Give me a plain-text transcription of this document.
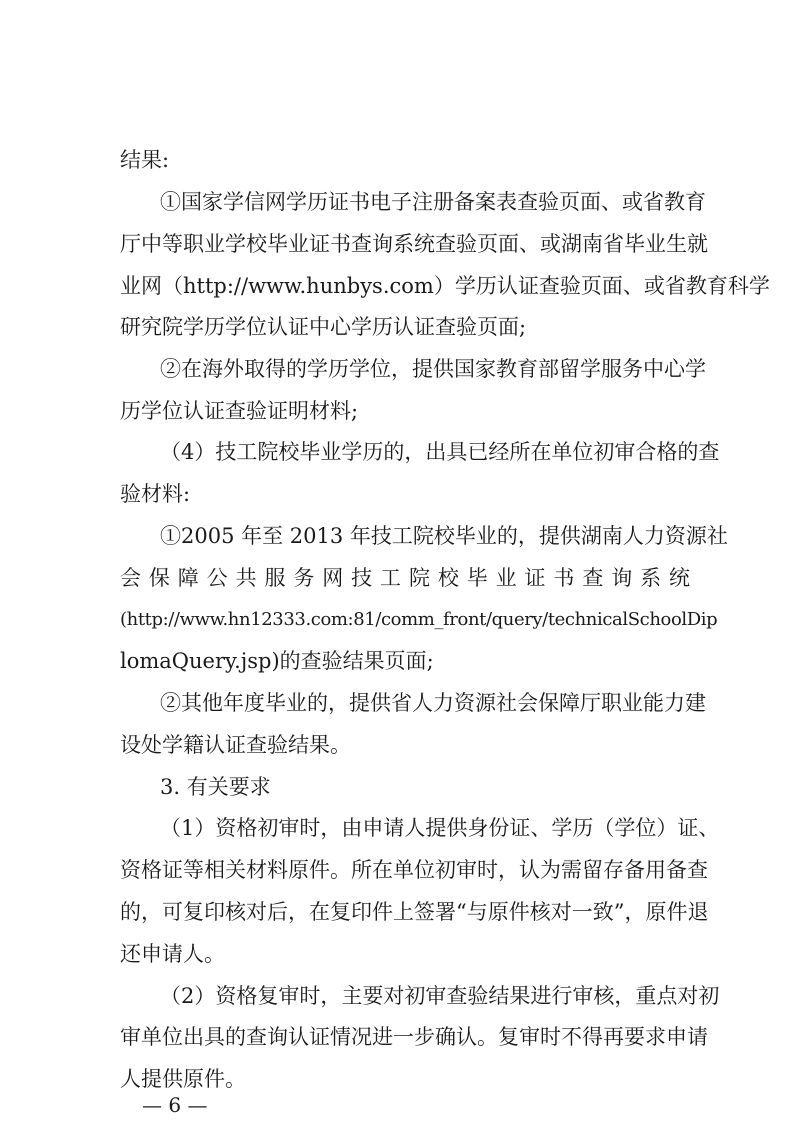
结果:
①国家学信网学历证书电子注册备案表查验页面、或省教育
厅中等职业学校毕业证书查询系统查验页面、或湖南省毕业生就
业网（http://www.hunbys.com）学历认证查验页面、或省教育科学
研究院学历学位认证中心学历认证查验页面;
②在海外取得的学历学位，提供国家教育部留学服务中心学
历学位认证查验证明材料;
（4）技工院校毕业学历的，出具已经所在单位初审合格的查
验材料:
①2005 年至 2013 年技工院校毕业的，提供湖南人力资源社
会保障公共服务网技工院校毕业证书查询系统
(http://www.hn12333.com:81/comm_front/query/technicalSchoolDip
lomaQuery.jsp)的查验结果页面;
②其他年度毕业的，提供省人力资源社会保障厅职业能力建
设处学籍认证查验结果。
3. 有关要求
（1）资格初审时，由申请人提供身份证、学历（学位）证、
资格证等相关材料原件。所在单位初审时，认为需留存备用备查
的，可复印核对后，在复印件上签署“与原件核对一致”，原件退
还申请人。
（2）资格复审时，主要对初审查验结果进行审核，重点对初
审单位出具的查询认证情况进一步确认。复审时不得再要求申请
人提供原件。
— 6 —
